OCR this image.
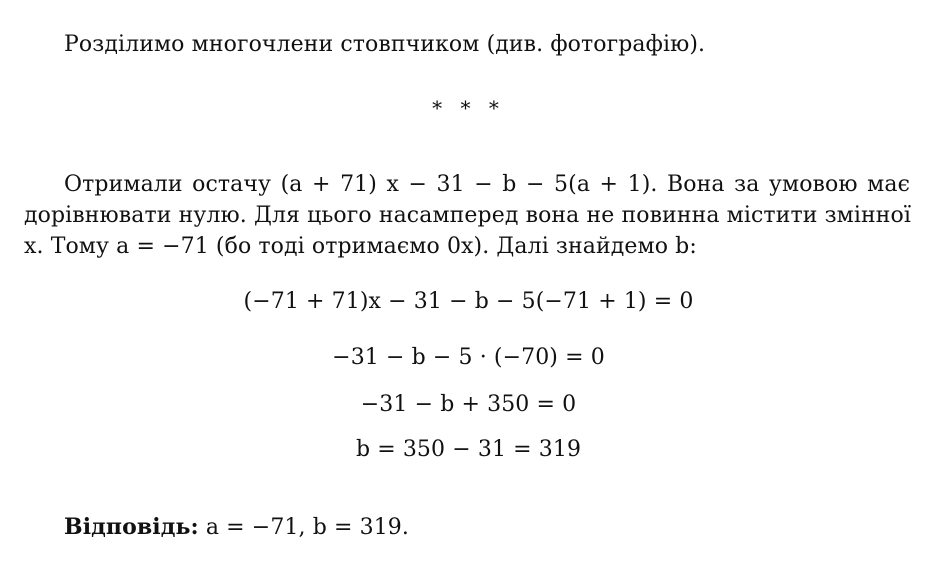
Розділимо многочлени стовпчиком (див. фотографію).
* * *
Отримали остачу (a + 71) x − 31 − b − 5(a + 1). Вона за умовою має
дорівнювати нулю. Для цього насамперед вона не повинна містити змінної
x. Тому a = −71 (бо тоді отримаємо 0x). Далі знайдемо b:
(−71 + 71)x − 31 − b − 5(−71 + 1) = 0
−31 − b − 5 · (−70) = 0
−31 − b + 350 = 0
b = 350 − 31 = 319
Відповідь: a = −71, b = 319.
